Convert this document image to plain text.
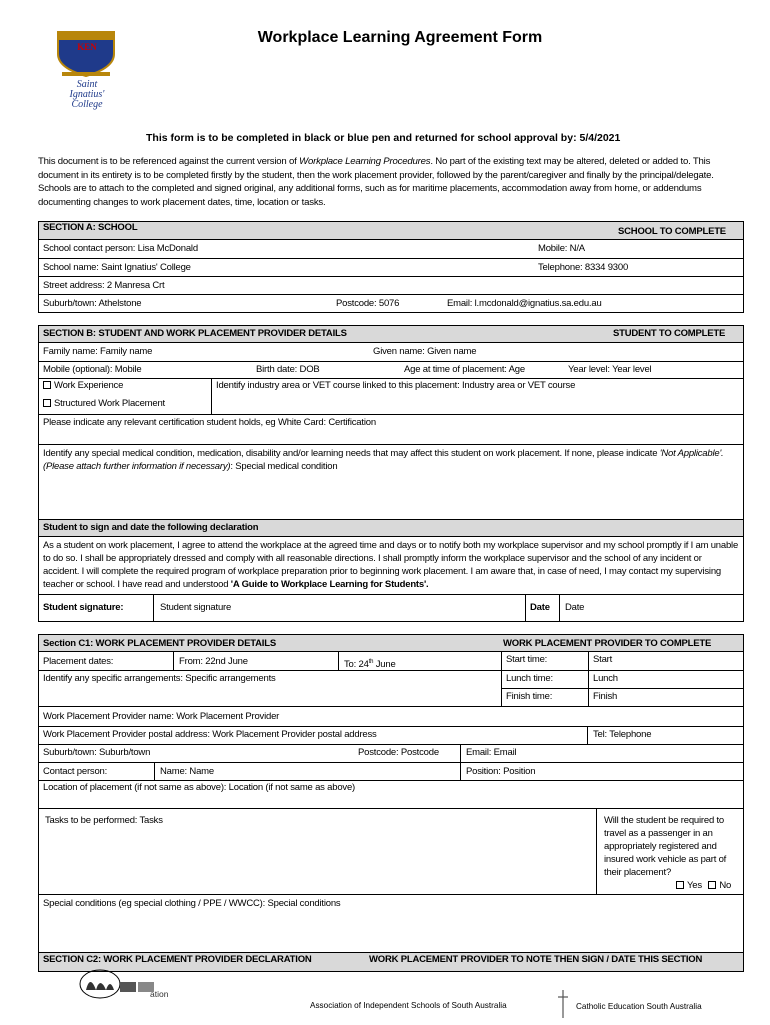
KEN
Saint
Ignatius'
College
Workplace Learning Agreement Form
This form is to be completed in black or blue pen and returned for school approval by: 5/4/2021
This document is to be referenced against the current version of Workplace Learning Procedures. No part of the existing text may be altered, deleted or added to. This document in its entirety is to be completed firstly by the student, then the work placement provider, followed by the parent/caregiver and finally by the principal/delegate. Schools are to attach to the completed and signed original, any additional forms, such as for maritime placements, accommodation away from home, or addendums documenting changes to work placement dates, time, location or tasks.
SECTION A: SCHOOL	SCHOOL TO COMPLETE
School contact person: Lisa McDonald	Mobile: N/A
School name: Saint Ignatius' College	Telephone: 8334 9300
Street address: 2 Manresa Crt
Suburb/town: Athelstone	Postcode: 5076	Email: l.mcdonald@ignatius.sa.edu.au
SECTION B: STUDENT AND WORK PLACEMENT PROVIDER DETAILS	STUDENT TO COMPLETE
Family name: Family name	Given name: Given name
Mobile (optional): Mobile	Birth date: DOB	Age at time of placement: Age	Year level: Year level
Work Experience
Structured Work Placement
Identify industry area or VET course linked to this placement: Industry area or VET course
Please indicate any relevant certification student holds, eg White Card: Certification
Identify any special medical condition, medication, disability and/or learning needs that may affect this student on work placement. If none, please indicate 'Not Applicable'. (Please attach further information if necessary): Special medical condition
Student to sign and date the following declaration
As a student on work placement, I agree to attend the workplace at the agreed time and days or to notify both my workplace supervisor and my school promptly if I am unable to do so. I shall be appropriately dressed and comply with all reasonable directions. I shall promptly inform the workplace supervisor and the school of any incident or accident. I will complete the required program of workplace preparation prior to beginning work placement. I am aware that, in case of need, I may contact my supervising teacher or school. I have read and understood 'A Guide to Workplace Learning for Students'.
Student signature:	Student signature	Date Date
Section C1: WORK PLACEMENT PROVIDER DETAILS	WORK PLACEMENT PROVIDER TO COMPLETE
Placement dates:	From: 22nd June	To: 24th June	Start time:	Start
Lunch time:	Lunch
Finish time:	Finish
Identify any specific arrangements: Specific arrangements
Work Placement Provider name: Work Placement Provider
Work Placement Provider postal address: Work Placement Provider postal address	Tel: Telephone
Suburb/town: Suburb/town	Postcode: Postcode	Email: Email
Contact person:	Name: Name	Position: Position
Location of placement (if not same as above): Location (if not same as above)
Tasks to be performed: Tasks	Will the student be required to travel as a passenger in an appropriately registered and insured work vehicle as part of their placement?
Yes No
Special conditions (eg special clothing / PPE / WWCC): Special conditions
SECTION C2: WORK PLACEMENT PROVIDER DECLARATION	WORK PLACEMENT PROVIDER TO NOTE THEN SIGN / DATE THIS SECTION
ation
Association of Independent Schools of South Australia	Catholic Education South Australia
